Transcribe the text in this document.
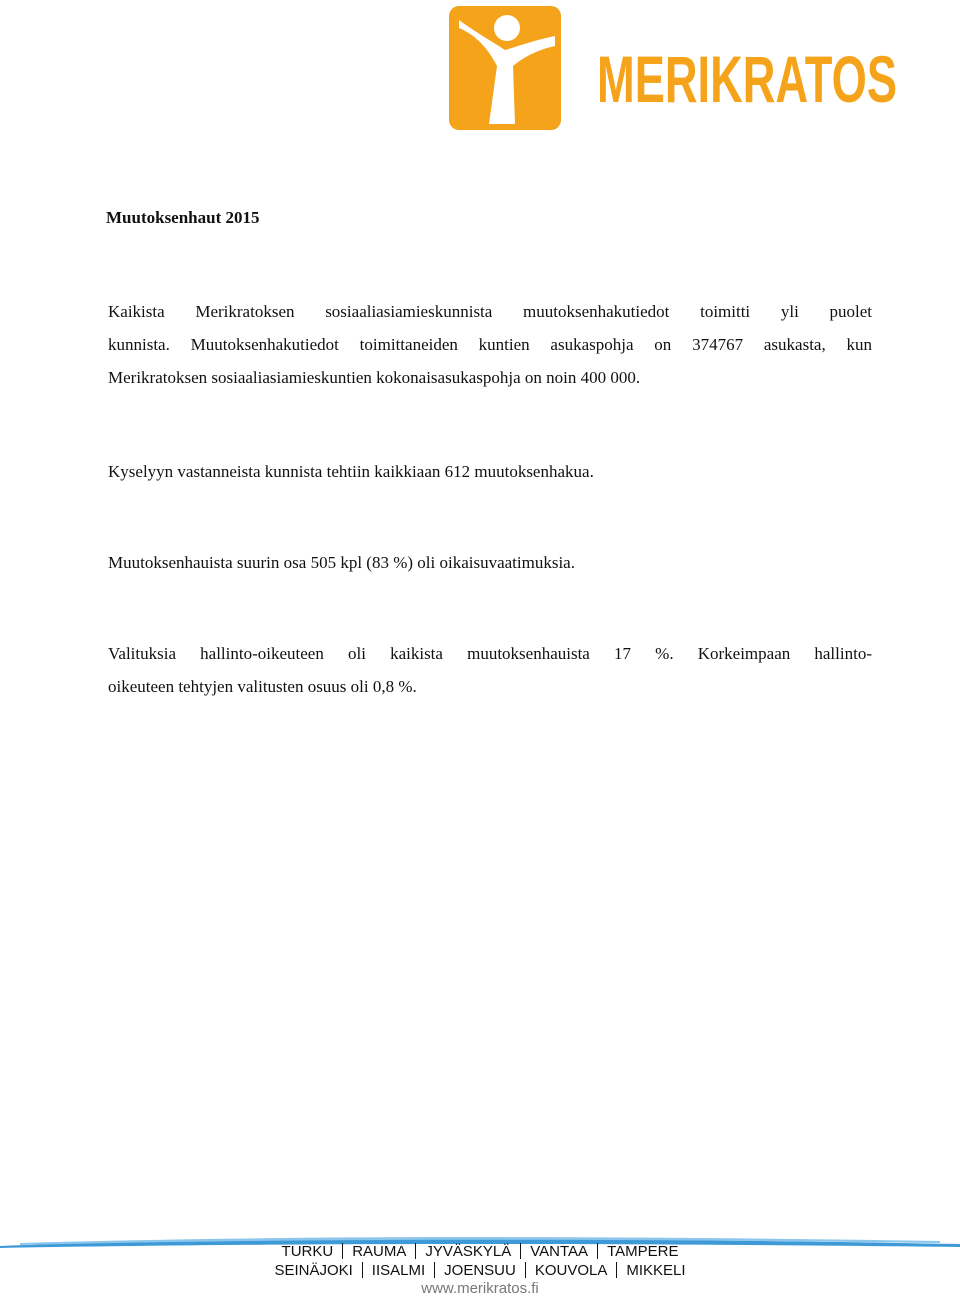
MERIKRATOS
Muutoksenhaut 2015
Kaikista Merikratoksen sosiaaliasiamieskunnista muutoksenhakutiedot toimitti yli puolet
kunnista. Muutoksenhakutiedot toimittaneiden kuntien asukaspohja on 374767 asukasta, kun
Merikratoksen sosiaaliasiamieskuntien kokonaisasukaspohja on noin 400 000.
Kyselyyn vastanneista kunnista tehtiin kaikkiaan 612 muutoksenhakua.
Muutoksenhauista suurin osa 505 kpl (83 %) oli oikaisuvaatimuksia.
Valituksia hallinto-oikeuteen oli kaikista muutoksenhauista 17 %. Korkeimpaan hallinto-
oikeuteen tehtyjen valitusten osuus oli 0,8 %.
TURKU RAUMA JYVÄSKYLÄ VANTAA TAMPERE
SEINÄJOKI IISALMI JOENSUU KOUVOLA MIKKELI
www.merikratos.fi
